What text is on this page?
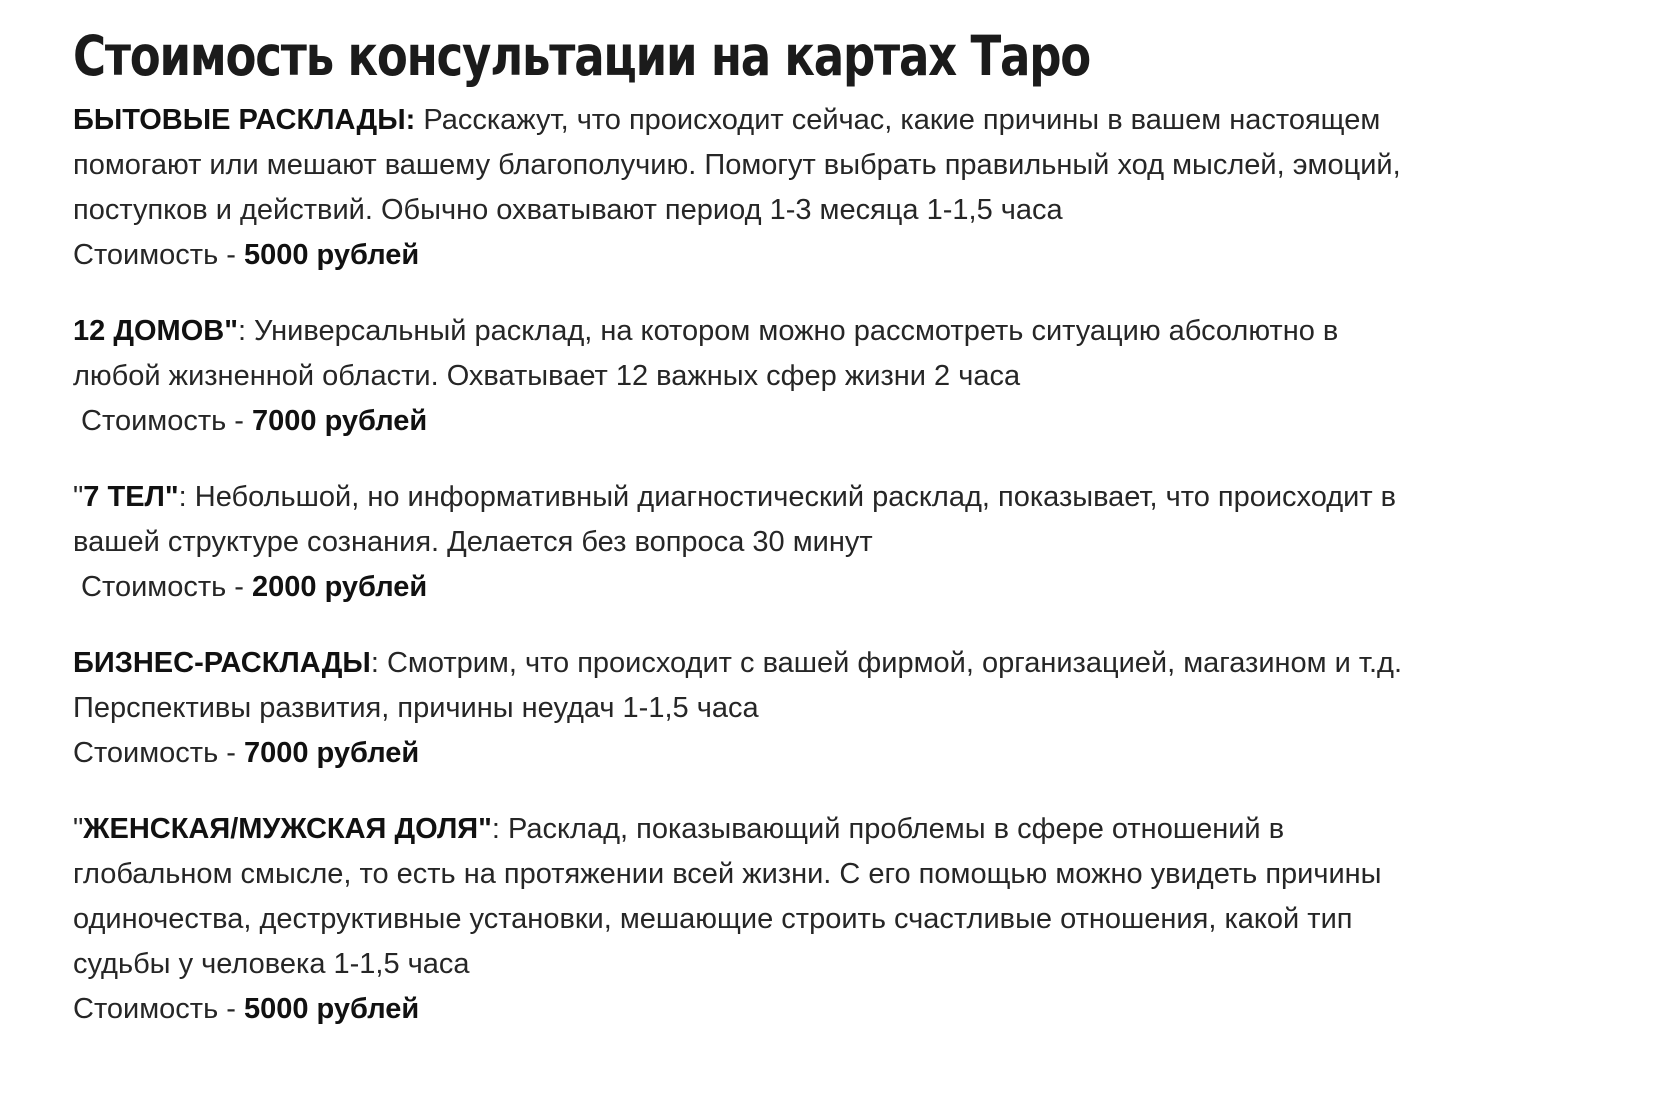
Стоимость консультации на картах Таро
БЫТОВЫЕ РАСКЛАДЫ: Расскажут, что происходит сейчас, какие причины в вашем настоящем
помогают или мешают вашему благополучию. Помогут выбрать правильный ход мыслей, эмоций,
поступков и действий. Обычно охватывают период 1-3 месяца 1-1,5 часа
Стоимость - 5000 рублей
12 ДОМОВ": Универсальный расклад, на котором можно рассмотреть ситуацию абсолютно в
любой жизненной области. Охватывает 12 важных сфер жизни 2 часа
Стоимость - 7000 рублей
"7 ТЕЛ": Небольшой, но информативный диагностический расклад, показывает, что происходит в
вашей структуре сознания. Делается без вопроса 30 минут
Стоимость - 2000 рублей
БИЗНЕС-РАСКЛАДЫ: Смотрим, что происходит с вашей фирмой, организацией, магазином и т.д.
Перспективы развития, причины неудач 1-1,5 часа
Стоимость - 7000 рублей
"ЖЕНСКАЯ/МУЖСКАЯ ДОЛЯ": Расклад, показывающий проблемы в сфере отношений в
глобальном смысле, то есть на протяжении всей жизни. С его помощью можно увидеть причины
одиночества, деструктивные установки, мешающие строить счастливые отношения, какой тип
судьбы у человека 1-1,5 часа
Стоимость - 5000 рублей
